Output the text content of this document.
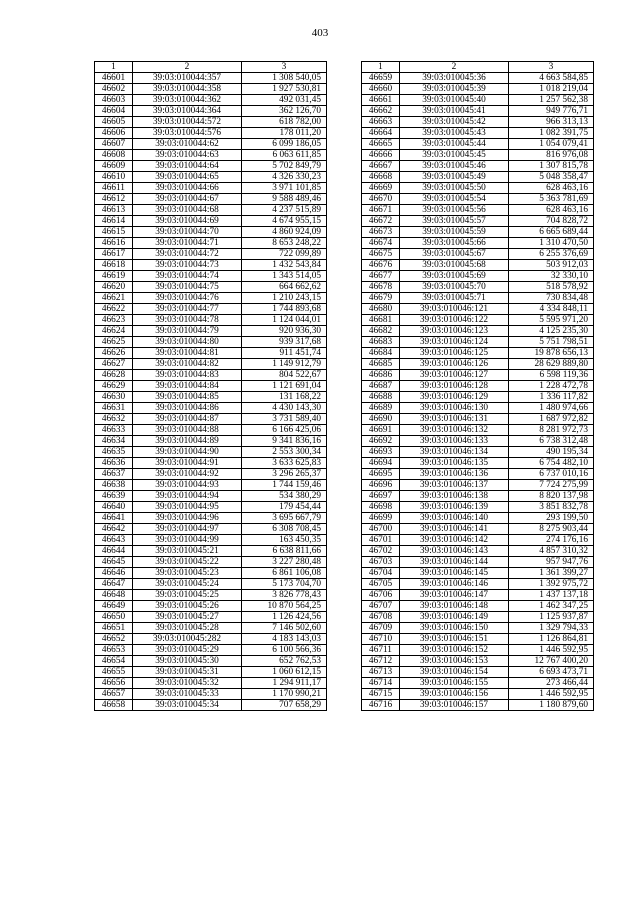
403
1	2	3
46601	39:03:010044:357	1 308 540,05
46602	39:03:010044:358	1 927 530,81
46603	39:03:010044:362	492 031,45
46604	39:03:010044:364	362 126,70
46605	39:03:010044:572	618 782,00
46606	39:03:010044:576	178 011,20
46607	39:03:010044:62	6 099 186,05
46608	39:03:010044:63	6 063 611,85
46609	39:03:010044:64	5 702 849,79
46610	39:03:010044:65	4 326 330,23
46611	39:03:010044:66	3 971 101,85
46612	39:03:010044:67	9 588 489,46
46613	39:03:010044:68	4 237 515,89
46614	39:03:010044:69	4 674 955,15
46615	39:03:010044:70	4 860 924,09
46616	39:03:010044:71	8 653 248,22
46617	39:03:010044:72	722 099,89
46618	39:03:010044:73	1 432 543,84
46619	39:03:010044:74	1 343 514,05
46620	39:03:010044:75	664 662,62
46621	39:03:010044:76	1 210 243,15
46622	39:03:010044:77	1 744 893,68
46623	39:03:010044:78	1 124 044,01
46624	39:03:010044:79	920 936,30
46625	39:03:010044:80	939 317,68
46626	39:03:010044:81	911 451,74
46627	39:03:010044:82	1 149 912,79
46628	39:03:010044:83	804 522,67
46629	39:03:010044:84	1 121 691,04
46630	39:03:010044:85	131 168,22
46631	39:03:010044:86	4 430 143,30
46632	39:03:010044:87	3 731 589,40
46633	39:03:010044:88	6 166 425,06
46634	39:03:010044:89	9 341 836,16
46635	39:03:010044:90	2 553 300,34
46636	39:03:010044:91	3 633 625,83
46637	39:03:010044:92	3 296 265,37
46638	39:03:010044:93	1 744 159,46
46639	39:03:010044:94	534 380,29
46640	39:03:010044:95	179 454,44
46641	39:03:010044:96	3 695 667,79
46642	39:03:010044:97	6 308 708,45
46643	39:03:010044:99	163 450,35
46644	39:03:010045:21	6 638 811,66
46645	39:03:010045:22	3 227 280,48
46646	39:03:010045:23	6 861 106,08
46647	39:03:010045:24	5 173 704,70
46648	39:03:010045:25	3 826 778,43
46649	39:03:010045:26	10 870 564,25
46650	39:03:010045:27	1 126 424,56
46651	39:03:010045:28	7 146 502,60
46652	39:03:010045:282	4 183 143,03
46653	39:03:010045:29	6 100 566,36
46654	39:03:010045:30	652 762,53
46655	39:03:010045:31	1 060 612,15
46656	39:03:010045:32	1 294 911,17
46657	39:03:010045:33	1 170 990,21
46658	39:03:010045:34	707 658,29
1	2	3
46659	39:03:010045:36	4 663 584,85
46660	39:03:010045:39	1 018 219,04
46661	39:03:010045:40	1 257 562,38
46662	39:03:010045:41	949 776,71
46663	39:03:010045:42	966 313,13
46664	39:03:010045:43	1 082 391,75
46665	39:03:010045:44	1 054 079,41
46666	39:03:010045:45	816 976,08
46667	39:03:010045:46	1 307 815,78
46668	39:03:010045:49	5 048 358,47
46669	39:03:010045:50	628 463,16
46670	39:03:010045:54	5 363 781,69
46671	39:03:010045:56	628 463,16
46672	39:03:010045:57	704 828,72
46673	39:03:010045:59	6 665 689,44
46674	39:03:010045:66	1 310 470,50
46675	39:03:010045:67	6 255 376,69
46676	39:03:010045:68	503 912,03
46677	39:03:010045:69	32 330,10
46678	39:03:010045:70	518 578,92
46679	39:03:010045:71	730 834,48
46680	39:03:010046:121	4 334 848,11
46681	39:03:010046:122	5 595 971,20
46682	39:03:010046:123	4 125 235,30
46683	39:03:010046:124	5 751 798,51
46684	39:03:010046:125	19 878 656,13
46685	39:03:010046:126	28 629 889,80
46686	39:03:010046:127	6 598 119,36
46687	39:03:010046:128	1 228 472,78
46688	39:03:010046:129	1 336 117,82
46689	39:03:010046:130	1 480 974,66
46690	39:03:010046:131	1 687 972,82
46691	39:03:010046:132	8 281 972,73
46692	39:03:010046:133	6 738 312,48
46693	39:03:010046:134	490 195,34
46694	39:03:010046:135	6 754 482,10
46695	39:03:010046:136	6 737 010,16
46696	39:03:010046:137	7 724 275,99
46697	39:03:010046:138	8 820 137,98
46698	39:03:010046:139	3 851 832,78
46699	39:03:010046:140	293 199,50
46700	39:03:010046:141	8 275 903,44
46701	39:03:010046:142	274 176,16
46702	39:03:010046:143	4 857 310,32
46703	39:03:010046:144	957 947,76
46704	39:03:010046:145	1 361 399,27
46705	39:03:010046:146	1 392 975,72
46706	39:03:010046:147	1 437 137,18
46707	39:03:010046:148	1 462 347,25
46708	39:03:010046:149	1 125 937,87
46709	39:03:010046:150	1 329 794,33
46710	39:03:010046:151	1 126 864,81
46711	39:03:010046:152	1 446 592,95
46712	39:03:010046:153	12 767 400,20
46713	39:03:010046:154	6 693 473,71
46714	39:03:010046:155	273 466,44
46715	39:03:010046:156	1 446 592,95
46716	39:03:010046:157	1 180 879,60
